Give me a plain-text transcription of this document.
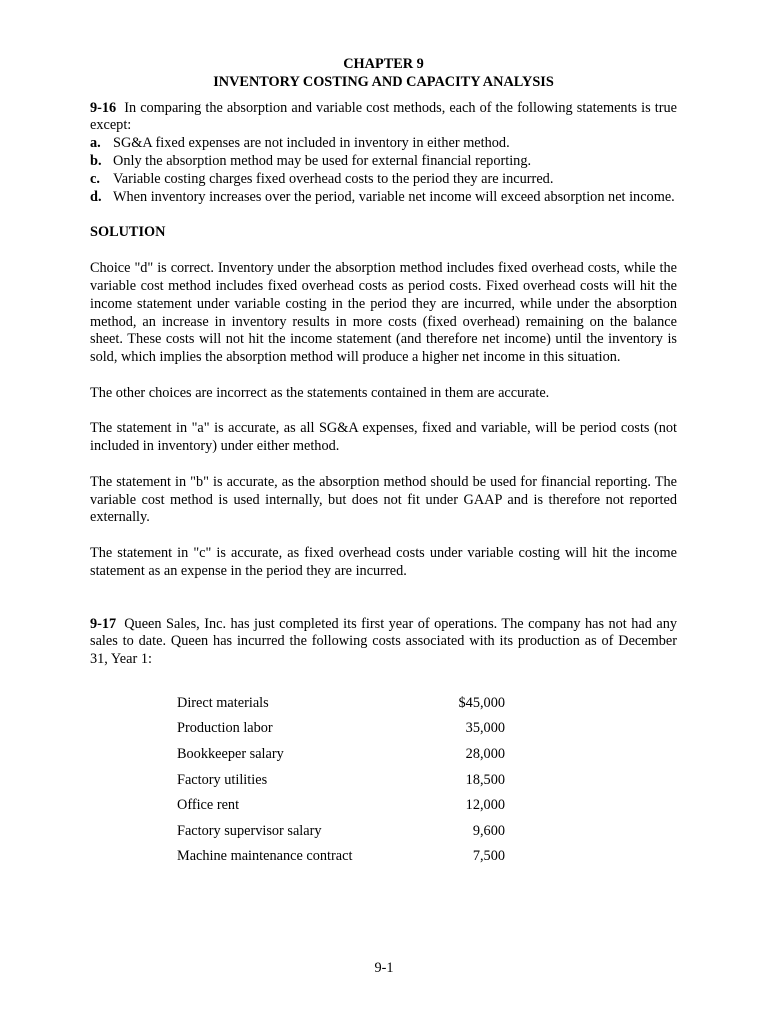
CHAPTER 9
INVENTORY COSTING AND CAPACITY ANALYSIS

9-16 In comparing the absorption and variable cost methods, each of the following statements is true except:

a. SG&A fixed expenses are not included in inventory in either method.
b. Only the absorption method may be used for external financial reporting.
c. Variable costing charges fixed overhead costs to the period they are incurred.
d. When inventory increases over the period, variable net income will exceed absorption net income.
SOLUTION

Choice "d" is correct. Inventory under the absorption method includes fixed overhead costs, while the variable cost method includes fixed overhead costs as period costs. Fixed overhead costs will hit the income statement under variable costing in the period they are incurred, while under the absorption method, an increase in inventory results in more costs (fixed overhead) remaining on the balance sheet. These costs will not hit the income statement (and therefore net income) until the inventory is sold, which implies the absorption method will produce a higher net income in this situation.

The other choices are incorrect as the statements contained in them are accurate.

The statement in "a" is accurate, as all SG&A expenses, fixed and variable, will be period costs (not included in inventory) under either method.

The statement in "b" is accurate, as the absorption method should be used for financial reporting. The variable cost method is used internally, but does not fit under GAAP and is therefore not reported externally.

The statement in "c" is accurate, as fixed overhead costs under variable costing will hit the income statement as an expense in the period they are incurred.

9-17 Queen Sales, Inc. has just completed its first year of operations. The company has not had any sales to date. Queen has incurred the following costs associated with its production as of December 31, Year 1:

Direct materials	$45,000
Production labor	35,000
Bookkeeper salary	28,000
Factory utilities	18,500
Office rent	12,000
Factory supervisor salary	9,600
Machine maintenance contract	7,500
9-1
